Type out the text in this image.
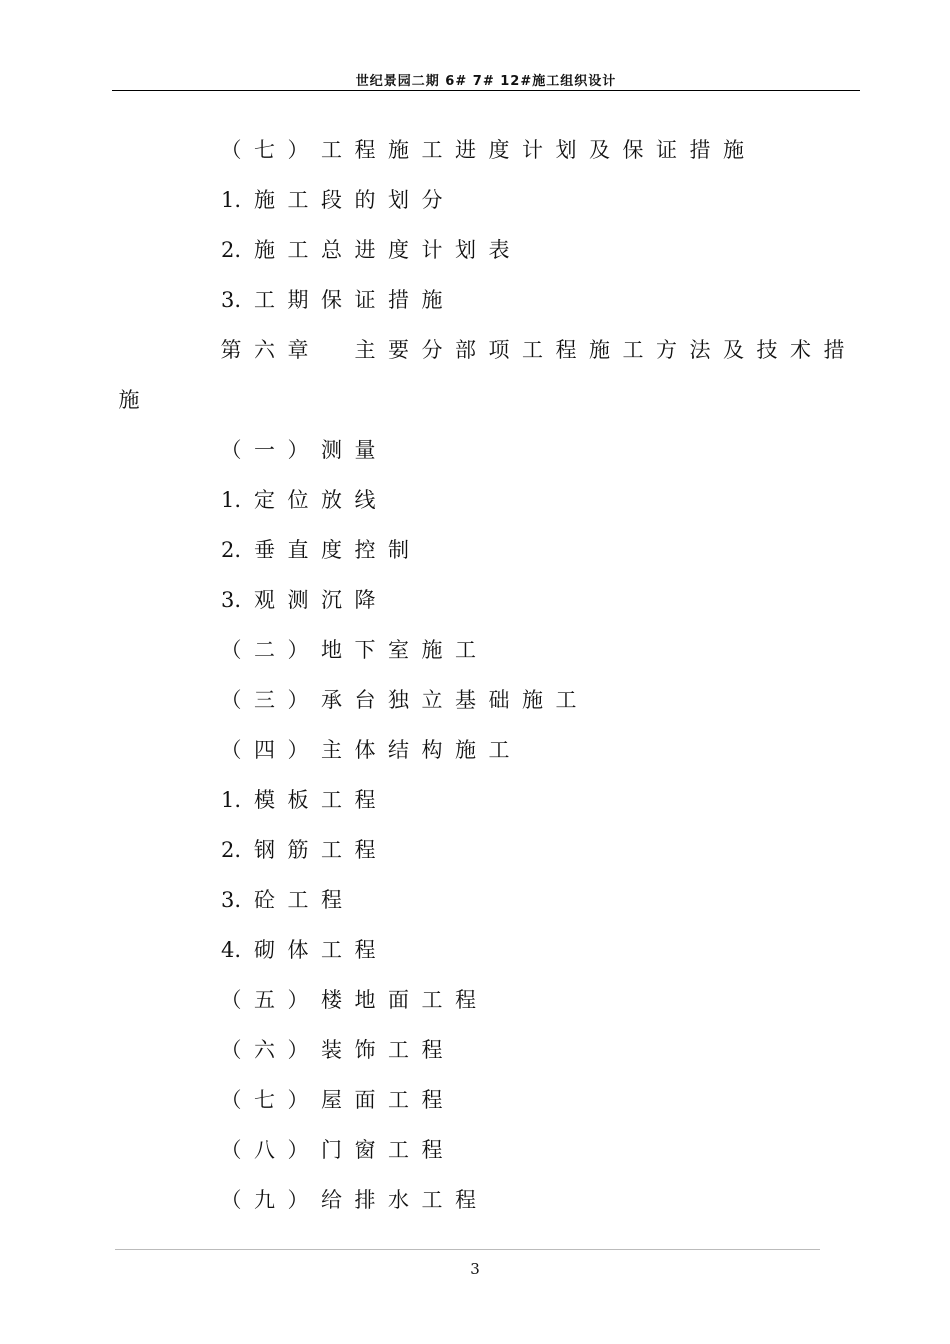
世纪景园二期 6# 7# 12#施工组织设计
（ 七 ） 工 程 施 工 进 度 计 划 及 保 证 措 施
1. 施 工 段 的 划 分
2. 施 工 总 进 度 计 划 表
3. 工 期 保 证 措 施
第 六 章 主 要 分 部 项 工 程 施 工 方 法 及 技 术 措
施
（ 一 ） 测 量
1. 定 位 放 线
2. 垂 直 度 控 制
3. 观 测 沉 降
（ 二 ） 地 下 室 施 工
（ 三 ） 承 台 独 立 基 础 施 工
（ 四 ） 主 体 结 构 施 工
1. 模 板 工 程
2. 钢 筋 工 程
3. 砼 工 程
4. 砌 体 工 程
（ 五 ） 楼 地 面 工 程
（ 六 ） 装 饰 工 程
（ 七 ） 屋 面 工 程
（ 八 ） 门 窗 工 程
（ 九 ） 给 排 水 工 程
3
